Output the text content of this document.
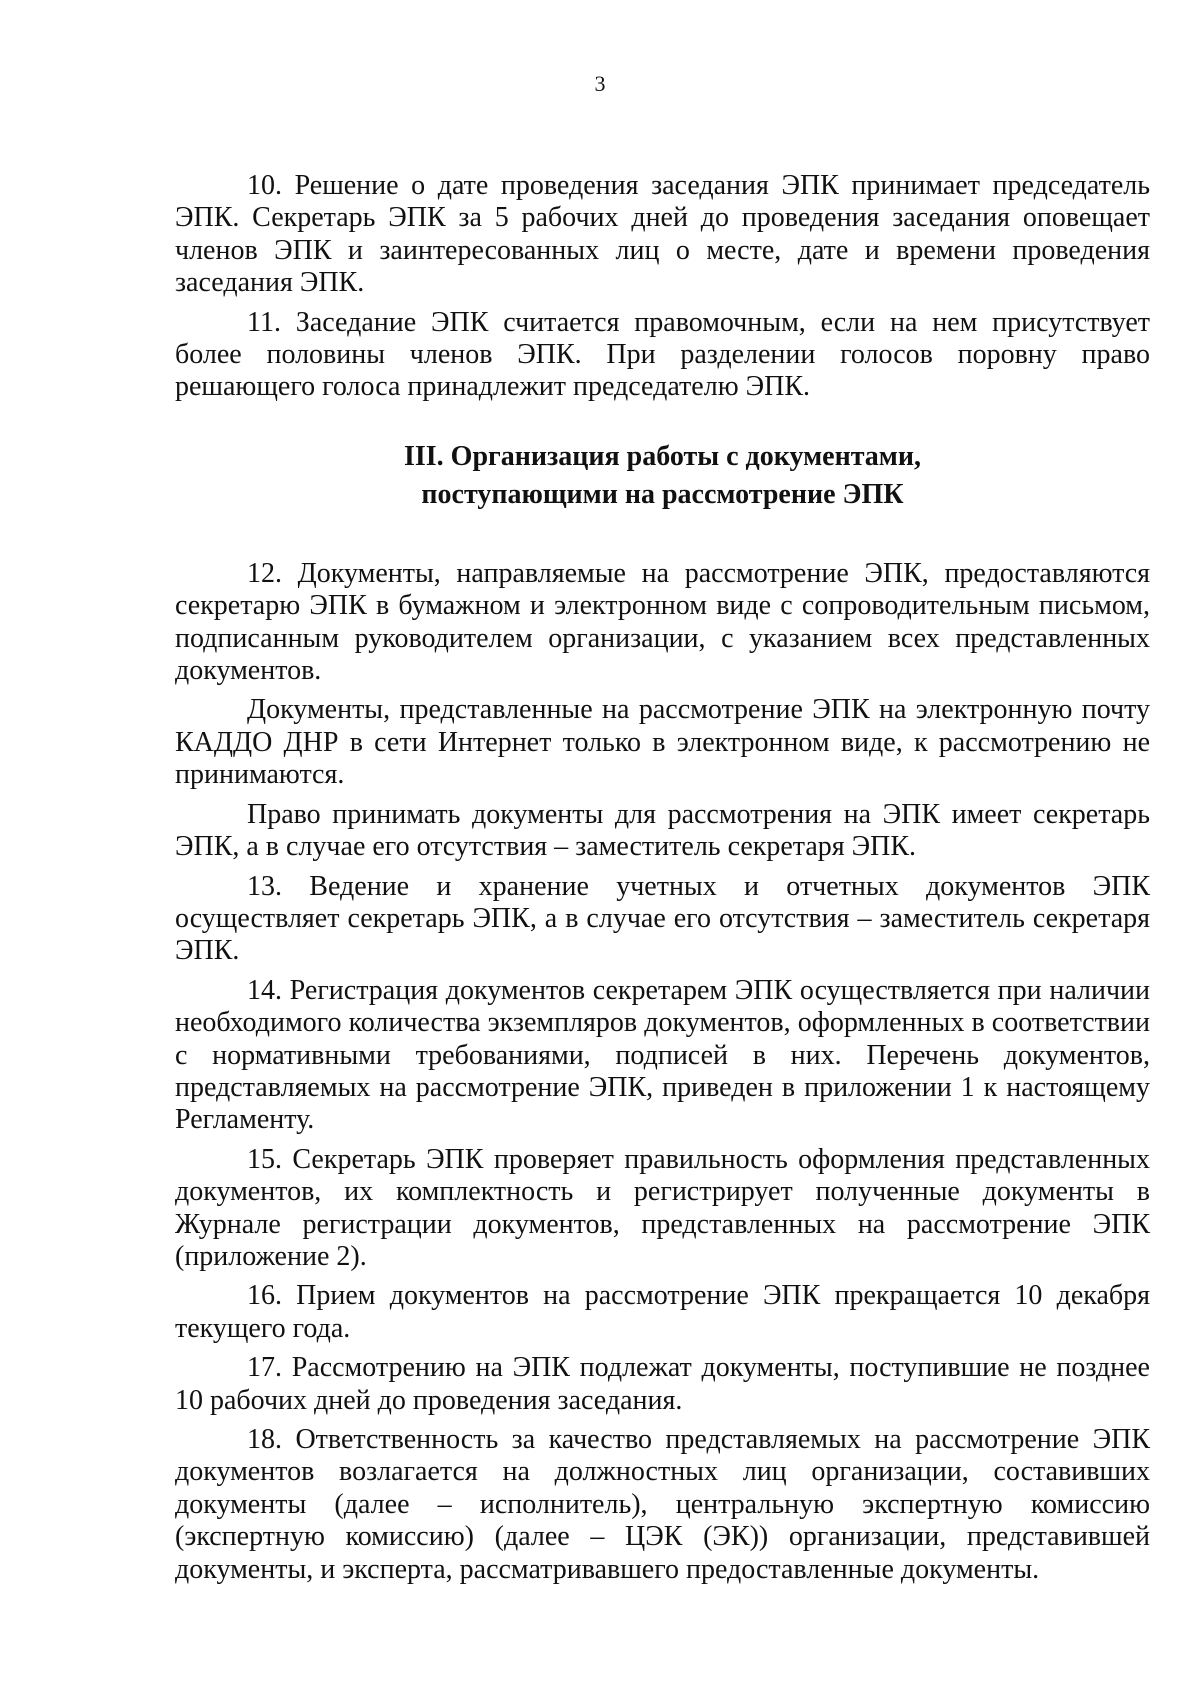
3

10. Решение о дате проведения заседания ЭПК принимает председатель ЭПК. Секретарь ЭПК за 5 рабочих дней до проведения заседания оповещает членов ЭПК и заинтересованных лиц о месте, дате и времени проведения заседания ЭПК.

11. Заседание ЭПК считается правомочным, если на нем присутствует более половины членов ЭПК. При разделении голосов поровну право решающего голоса принадлежит председателю ЭПК.

III. Организация работы с документами,
поступающими на рассмотрение ЭПК

12. Документы, направляемые на рассмотрение ЭПК, предоставляются секретарю ЭПК в бумажном и электронном виде с сопроводительным письмом, подписанным руководителем организации, с указанием всех представленных документов.

Документы, представленные на рассмотрение ЭПК на электронную почту КАДДО ДНР в сети Интернет только в электронном виде, к рассмотрению не принимаются.

Право принимать документы для рассмотрения на ЭПК имеет секретарь ЭПК, а в случае его отсутствия – заместитель секретаря ЭПК.

13. Ведение и хранение учетных и отчетных документов ЭПК осуществляет секретарь ЭПК, а в случае его отсутствия – заместитель секретаря ЭПК.

14. Регистрация документов секретарем ЭПК осуществляется при наличии необходимого количества экземпляров документов, оформленных в соответствии с нормативными требованиями, подписей в них. Перечень документов, представляемых на рассмотрение ЭПК, приведен в приложении 1 к настоящему Регламенту.

15. Секретарь ЭПК проверяет правильность оформления представленных документов, их комплектность и регистрирует полученные документы в Журнале регистрации документов, представленных на рассмотрение ЭПК (приложение 2).

16. Прием документов на рассмотрение ЭПК прекращается 10 декабря текущего года.

17. Рассмотрению на ЭПК подлежат документы, поступившие не позднее 10 рабочих дней до проведения заседания.

18. Ответственность за качество представляемых на рассмотрение ЭПК документов возлагается на должностных лиц организации, составивших документы (далее – исполнитель), центральную экспертную комиссию (экспертную комиссию) (далее – ЦЭК (ЭК)) организации, представившей документы, и эксперта, рассматривавшего предоставленные документы.
